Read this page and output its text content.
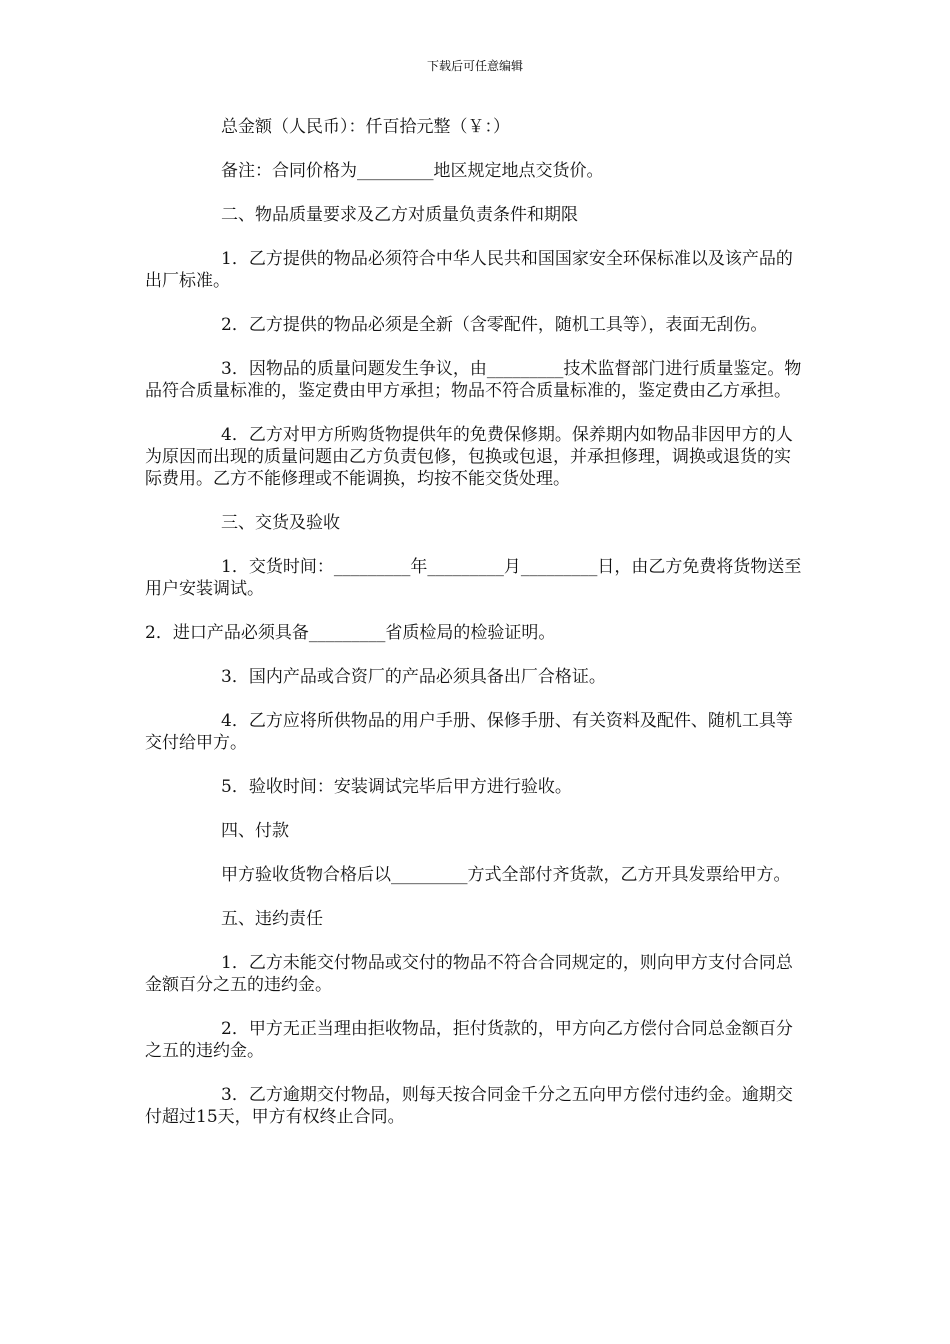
下载后可任意编辑

总金额（人民币）：仟百拾元整（￥：）

备注：合同价格为_________地区规定地点交货价。

二、物品质量要求及乙方对质量负责条件和期限

1．乙方提供的物品必须符合中华人民共和国国家安全环保标准以及该产品的出厂标准。

2．乙方提供的物品必须是全新（含零配件，随机工具等），表面无刮伤。

3．因物品的质量问题发生争议，由_________技术监督部门进行质量鉴定。物品符合质量标准的，鉴定费由甲方承担；物品不符合质量标准的，鉴定费由乙方承担。

4．乙方对甲方所购货物提供年的免费保修期。保养期内如物品非因甲方的人为原因而出现的质量问题由乙方负责包修，包换或包退，并承担修理，调换或退货的实际费用。乙方不能修理或不能调换，均按不能交货处理。

三、交货及验收

1．交货时间：_________年_________月_________日，由乙方免费将货物送至用户安装调试。

2．进口产品必须具备_________省质检局的检验证明。

3．国内产品或合资厂的产品必须具备出厂合格证。

4．乙方应将所供物品的用户手册、保修手册、有关资料及配件、随机工具等交付给甲方。

5．验收时间：安装调试完毕后甲方进行验收。

四、付款

甲方验收货物合格后以_________方式全部付齐货款，乙方开具发票给甲方。

五、违约责任

1．乙方未能交付物品或交付的物品不符合合同规定的，则向甲方支付合同总金额百分之五的违约金。

2．甲方无正当理由拒收物品，拒付货款的，甲方向乙方偿付合同总金额百分之五的违约金。

3．乙方逾期交付物品，则每天按合同金千分之五向甲方偿付违约金。逾期交付超过15天，甲方有权终止合同。
